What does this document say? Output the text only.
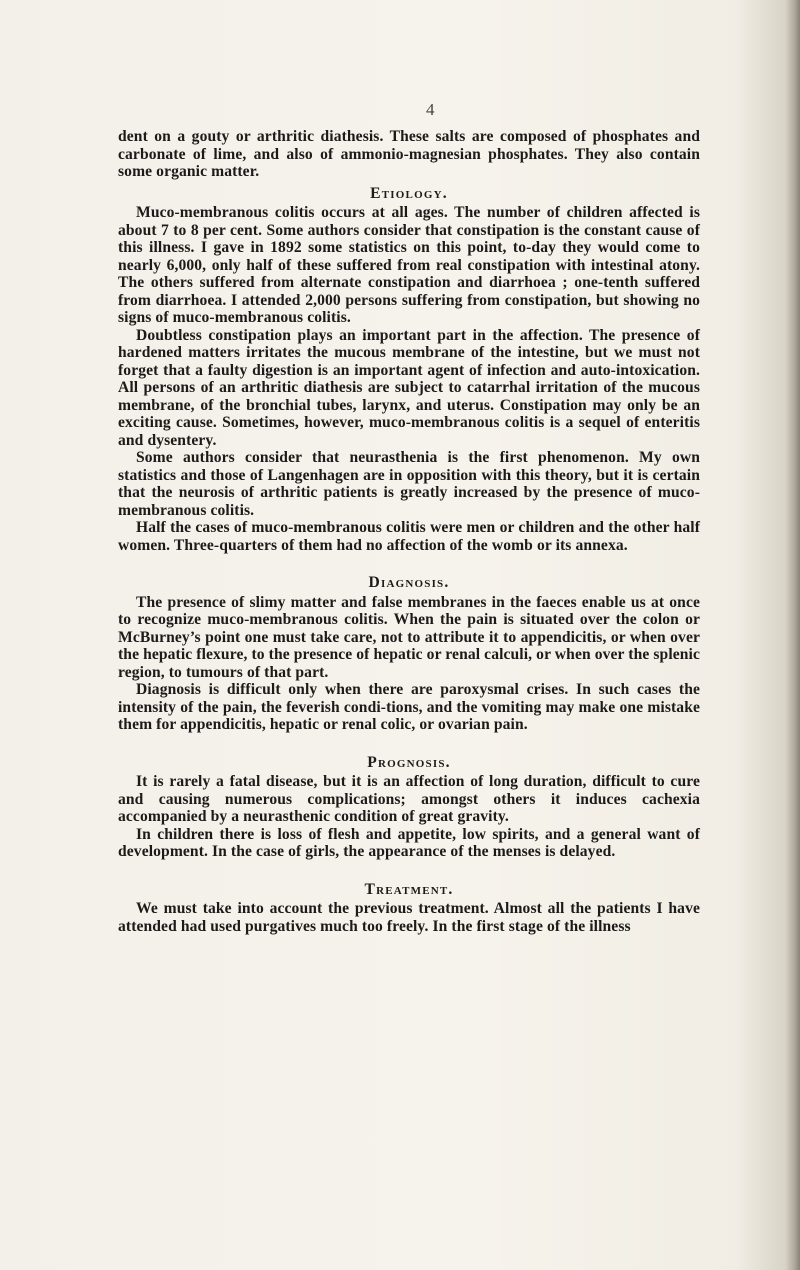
4

dent on a gouty or arthritic diathesis. These salts are composed of phosphates and carbonate of lime, and also of ammonio-magnesian phosphates. They also contain some organic matter.

Etiology.

Muco-membranous colitis occurs at all ages. The number of children affected is about 7 to 8 per cent. Some authors consider that constipation is the constant cause of this illness. I gave in 1892 some statistics on this point, to-day they would come to nearly 6,000, only half of these suffered from real constipation with intestinal atony. The others suffered from alternate constipation and diarrhoea ; one-tenth suffered from diarrhoea. I attended 2,000 persons suffering from constipation, but showing no signs of muco-membranous colitis.

Doubtless constipation plays an important part in the affection. The presence of hardened matters irritates the mucous membrane of the intestine, but we must not forget that a faulty digestion is an important agent of infection and auto-intoxication. All persons of an arthritic diathesis are subject to catarrhal irritation of the mucous membrane, of the bronchial tubes, larynx, and uterus. Constipation may only be an exciting cause. Sometimes, however, muco-membranous colitis is a sequel of enteritis and dysentery.

Some authors consider that neurasthenia is the first phenomenon. My own statistics and those of Langenhagen are in opposition with this theory, but it is certain that the neurosis of arthritic patients is greatly increased by the presence of muco-membranous colitis.

Half the cases of muco-membranous colitis were men or children and the other half women. Three-quarters of them had no affection of the womb or its annexa.

Diagnosis.

The presence of slimy matter and false membranes in the faeces enable us at once to recognize muco-membranous colitis. When the pain is situated over the colon or McBurney’s point one must take care, not to attribute it to appendicitis, or when over the hepatic flexure, to the presence of hepatic or renal calculi, or when over the splenic region, to tumours of that part.

Diagnosis is difficult only when there are paroxysmal crises. In such cases the intensity of the pain, the feverish condi-tions, and the vomiting may make one mistake them for appendicitis, hepatic or renal colic, or ovarian pain.

Prognosis.

It is rarely a fatal disease, but it is an affection of long duration, difficult to cure and causing numerous complications; amongst others it induces cachexia accompanied by a neurasthenic condition of great gravity.

In children there is loss of flesh and appetite, low spirits, and a general want of development. In the case of girls, the appearance of the menses is delayed.

Treatment.

We must take into account the previous treatment. Almost all the patients I have attended had used purgatives much too freely. In the first stage of the illness
